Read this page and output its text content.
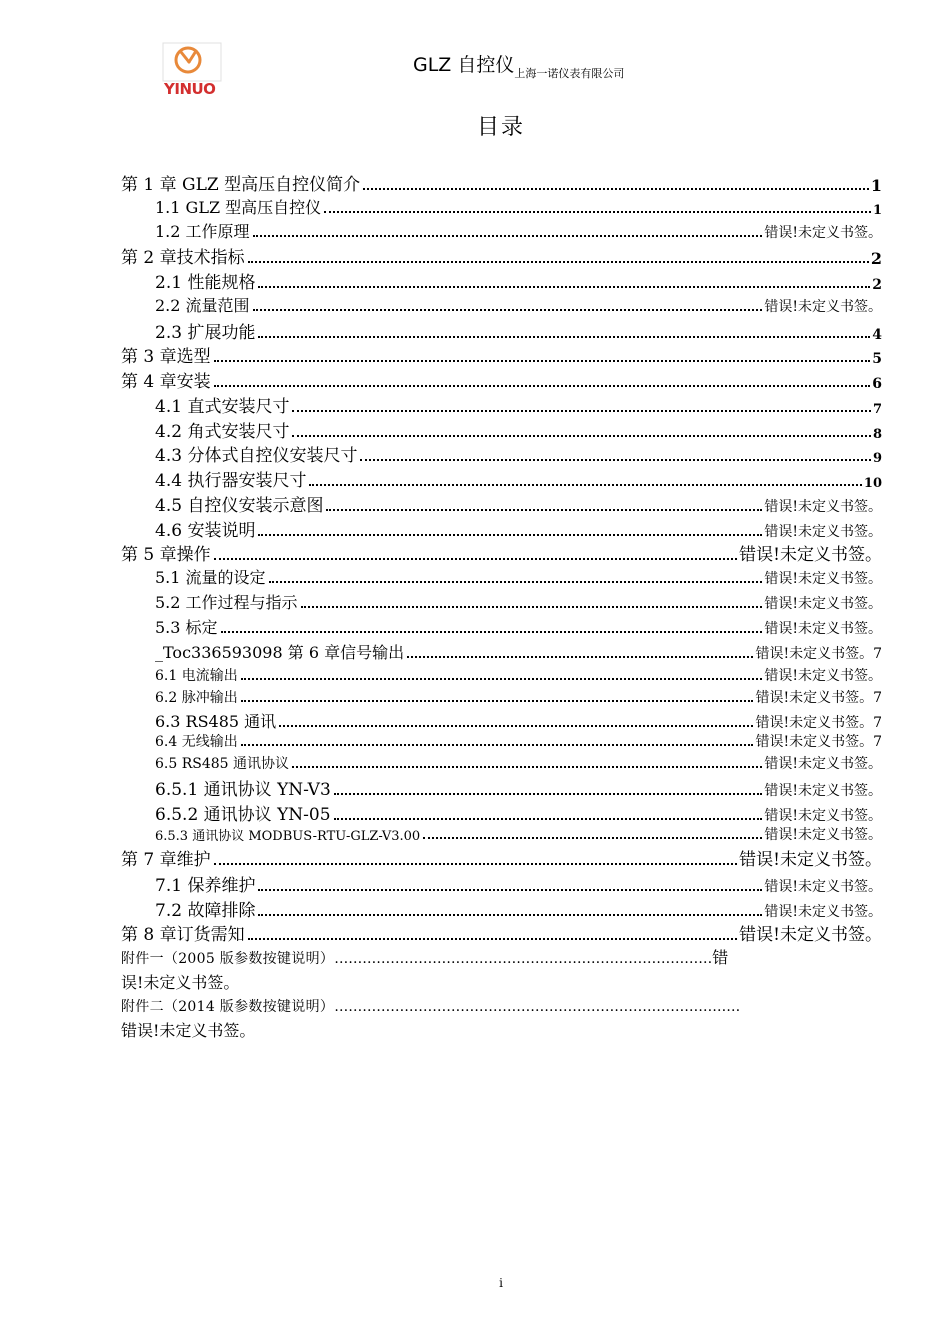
YINUO
GLZ 自控仪$_{上海一诺仪表有限公司}$
目录
第 1 章 GLZ 型高压自控仪简介	1
1.1 GLZ 型高压自控仪	1
1.2 工作原理	错误!未定义书签。
第 2 章技术指标	2
2.1 性能规格	2
2.2 流量范围	错误!未定义书签。
2.3 扩展功能	4
第 3 章选型	5
第 4 章安装	6
4.1 直式安装尺寸	7
4.2 角式安装尺寸	8
4.3 分体式自控仪安装尺寸	9
4.4 执行器安装尺寸	10
4.5 自控仪安装示意图	错误!未定义书签。
4.6 安装说明	错误!未定义书签。
第 5 章操作	错误!未定义书签。
5.1 流量的设定	错误!未定义书签。
5.2 工作过程与指示	错误!未定义书签。
5.3 标定	错误!未定义书签。
_Toc336593098 第 6 章信号输出	错误!未定义书签。7
6.1 电流输出	错误!未定义书签。
6.2 脉冲输出	错误!未定义书签。7
6.3 RS485 通讯	错误!未定义书签。7
6.4 无线输出	错误!未定义书签。7
6.5 RS485 通讯协议	错误!未定义书签。
6.5.1 通讯协议 YN-V3	错误!未定义书签。
6.5.2 通讯协议 YN-05	错误!未定义书签。
6.5.3 通讯协议 MODBUS-RTU-GLZ-V3.00	错误!未定义书签。
第 7 章维护	错误!未定义书签。
7.1 保养维护	错误!未定义书签。
7.2 故障排除	错误!未定义书签。
第 8 章订货需知	错误!未定义书签。
附件一（2005 版参数按键说明）………………………………………………………………………错
误!未定义书签。
附件二（2014 版参数按键说明）……………………………………………………………………………
错误!未定义书签。
i
